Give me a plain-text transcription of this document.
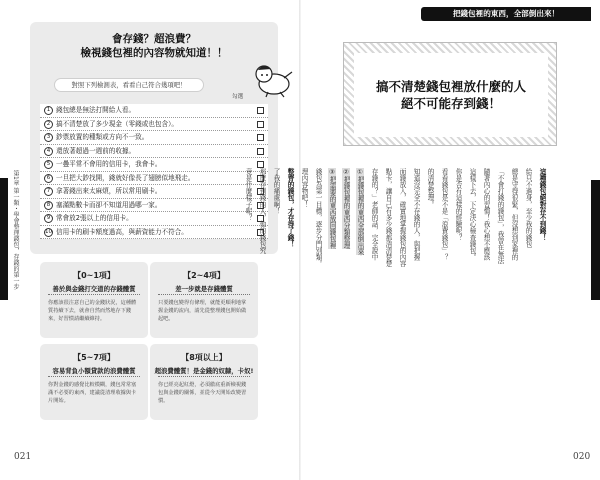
第1章 第一類・學會整理錢包，存錢的第一步
會存錢？超浪費？
檢視錢包裡的內容物就知道！！
對照下列檢測表，看看自己符合幾項吧！
勾選
1 錢包總是無法打開給人看。
2 搞不清楚放了多少現金（零錢或也包含）。
3 鈔票放置的種類或方向不一致。
4 還放著超過一週前的收據。
5 一疊平常不會用的信用卡，我會卡。
6 一旦把大鈔找開，錢就好像長了翅膀似地飛走。
7 拿著錢出來太麻煩，所以常用刷卡。
8 塞滿點數卡而卻不知道用過哪一家。
9 常會放2張以上的信用卡。
10 信用卡的刷卡額度過高，與薪資能力不符合。
【0~1項】
善於與金錢打交道的存錢體質
你應該很注意自己的金錢狀況，這種體質持續下去，就會自然而然地存下錢來，好習慣請繼續維持。
【2~4項】
差一步就是存錢體質
只要錢包變得有條理，就能更順利地掌握金錢的流向，請先從整理錢包開始做起吧。
【5~7項】
容易背負小額貸款的浪費體質
你對金錢的感覺比較模糊，錢包常常塞滿不必要的東西，建議從清理收據與卡片開始。
【8項以上】
超浪費體質！是金錢的奴隸，卡奴!
你已經亮起紅燈，必須徹底重新檢視錢包與金錢的關係，並從今天開始改變習慣。
021
把錢包裡的東西，全部倒出來！
搞不清楚錢包裡放什麼的人
絕不可能存到錢！
這種錢包絕對存不到錢！
給只不過身，至少我的錢包
總是守得很緊，但沒想到家裡的
「不會打錢的錢包」，我曾在無法
隨著內心的習慣！我心想不應該
這樣下去，下定決心檢查錢包。
你是否有這樣的經驗呢？
看看錢包是不是「浪費錢包」？
的清楚整理。
知道沒完全不存錢的人，與把握
面錢放入，確實地掌握錢包的內容
點卡，讓自己有多少錢都清清楚楚
存錢的？」老師的話，完全說中
①把錢包裡的東西全部倒出來
②把錢包裡的東西分類整理
③把需要的東西放回錢包裡
錢包為第一目標，逐步分門別類。
理內容物吧！
整齊的錢包，才存得了錢！
了我的痛處啊！
那麼存到錢的人，他的錢包究
竟是什麼樣子呢？
020
